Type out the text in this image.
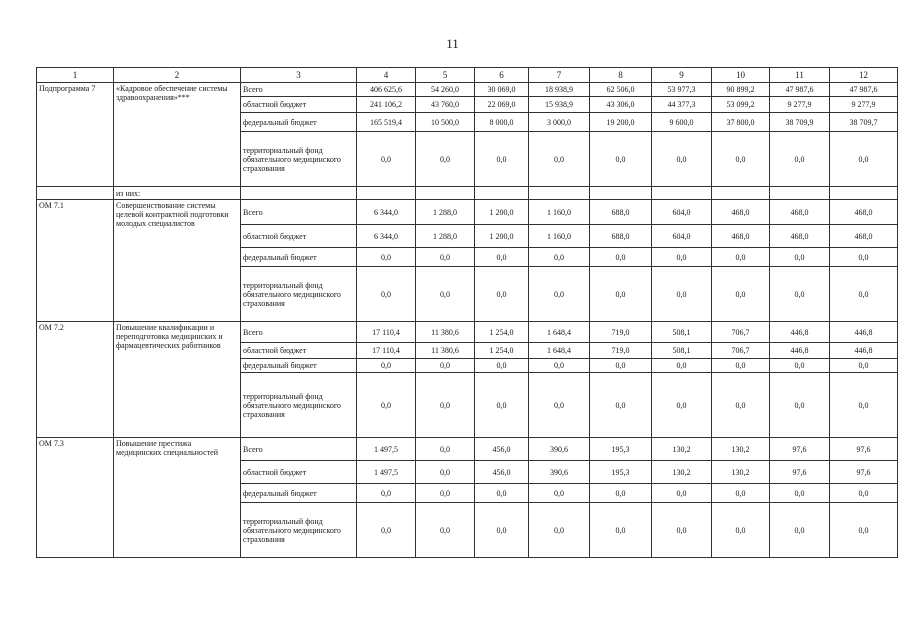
11
1	2	3	4	5	6	7	8	9	10	11	12
Подпрограмма 7	«Кадровое обеспечение системы здравоохранения»***	Всего	406 625,6	54 260,0	30 069,0	18 938,9	62 506,0	53 977,3	90 899,2	47 987,6	47 987,6
		областной бюджет	241 106,2	43 760,0	22 069,0	15 938,9	43 306,0	44 377,3	53 099,2	9 277,9	9 277,9
		федеральный бюджет	165 519,4	10 500,0	8 000,0	3 000,0	19 200,0	9 600,0	37 800,0	38 709,9	38 709,7
		территориальный фонд обязательного медицинского страхования	0,0	0,0	0,0	0,0	0,0	0,0	0,0	0,0	0,0
	из них:										
ОМ 7.1	Совершенствование системы целевой контрактной подготовки молодых специалистов	Всего	6 344,0	1 288,0	1 200,0	1 160,0	688,0	604,0	468,0	468,0	468,0
		областной бюджет	6 344,0	1 288,0	1 200,0	1 160,0	688,0	604,0	468,0	468,0	468,0
		федеральный бюджет	0,0	0,0	0,0	0,0	0,0	0,0	0,0	0,0	0,0
		территориальный фонд обязательного медицинского страхования	0,0	0,0	0,0	0,0	0,0	0,0	0,0	0,0	0,0
ОМ 7.2	Повышение квалификации и переподготовка медицинских и фармацевтических работников	Всего	17 110,4	11 380,6	1 254,0	1 648,4	719,0	508,1	706,7	446,8	446,8
		областной бюджет	17 110,4	11 380,6	1 254,0	1 648,4	719,0	508,1	706,7	446,8	446,8
		федеральный бюджет	0,0	0,0	0,0	0,0	0,0	0,0	0,0	0,0	0,0
		территориальный фонд обязательного медицинского страхования	0,0	0,0	0,0	0,0	0,0	0,0	0,0	0,0	0,0
ОМ 7.3	Повышение престижа медицинских специальностей	Всего	1 497,5	0,0	456,0	390,6	195,3	130,2	130,2	97,6	97,6
		областной бюджет	1 497,5	0,0	456,0	390,6	195,3	130,2	130,2	97,6	97,6
		федеральный бюджет	0,0	0,0	0,0	0,0	0,0	0,0	0,0	0,0	0,0
		территориальный фонд обязательного медицинского страхования	0,0	0,0	0,0	0,0	0,0	0,0	0,0	0,0	0,0
